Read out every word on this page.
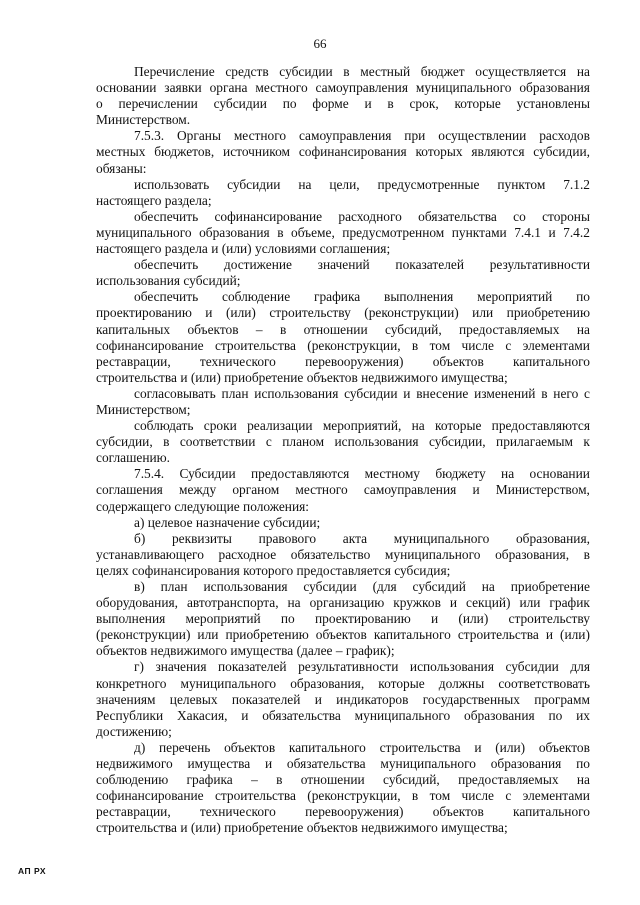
66
Перечисление средств субсидии в местный бюджет осуществляется на
основании заявки органа местного самоуправления муниципального образования
о перечислении субсидии по форме и в срок, которые установлены
Министерством.
7.5.3. Органы местного самоуправления при осуществлении расходов
местных бюджетов, источником софинансирования которых являются субсидии,
обязаны:
использовать субсидии на цели, предусмотренные пунктом 7.1.2
настоящего раздела;
обеспечить софинансирование расходного обязательства со стороны
муниципального образования в объеме, предусмотренном пунктами 7.4.1 и 7.4.2
настоящего раздела и (или) условиями соглашения;
обеспечить достижение значений показателей результативности
использования субсидий;
обеспечить соблюдение графика выполнения мероприятий по
проектированию и (или) строительству (реконструкции) или приобретению
капитальных объектов – в отношении субсидий, предоставляемых на
софинансирование строительства (реконструкции, в том числе с элементами
реставрации, технического перевооружения) объектов капитального
строительства и (или) приобретение объектов недвижимого имущества;
согласовывать план использования субсидии и внесение изменений в него с
Министерством;
соблюдать сроки реализации мероприятий, на которые предоставляются
субсидии, в соответствии с планом использования субсидии, прилагаемым к
соглашению.
7.5.4. Субсидии предоставляются местному бюджету на основании
соглашения между органом местного самоуправления и Министерством,
содержащего следующие положения:
а) целевое назначение субсидии;
б) реквизиты правового акта муниципального образования,
устанавливающего расходное обязательство муниципального образования, в
целях софинансирования которого предоставляется субсидия;
в) план использования субсидии (для субсидий на приобретение
оборудования, автотранспорта, на организацию кружков и секций) или график
выполнения мероприятий по проектированию и (или) строительству
(реконструкции) или приобретению объектов капитального строительства и (или)
объектов недвижимого имущества (далее – график);
г) значения показателей результативности использования субсидии для
конкретного муниципального образования, которые должны соответствовать
значениям целевых показателей и индикаторов государственных программ
Республики Хакасия, и обязательства муниципального образования по их
достижению;
д) перечень объектов капитального строительства и (или) объектов
недвижимого имущества и обязательства муниципального образования по
соблюдению графика – в отношении субсидий, предоставляемых на
софинансирование строительства (реконструкции, в том числе с элементами
реставрации, технического перевооружения) объектов капитального
строительства и (или) приобретение объектов недвижимого имущества;
АП РХ
